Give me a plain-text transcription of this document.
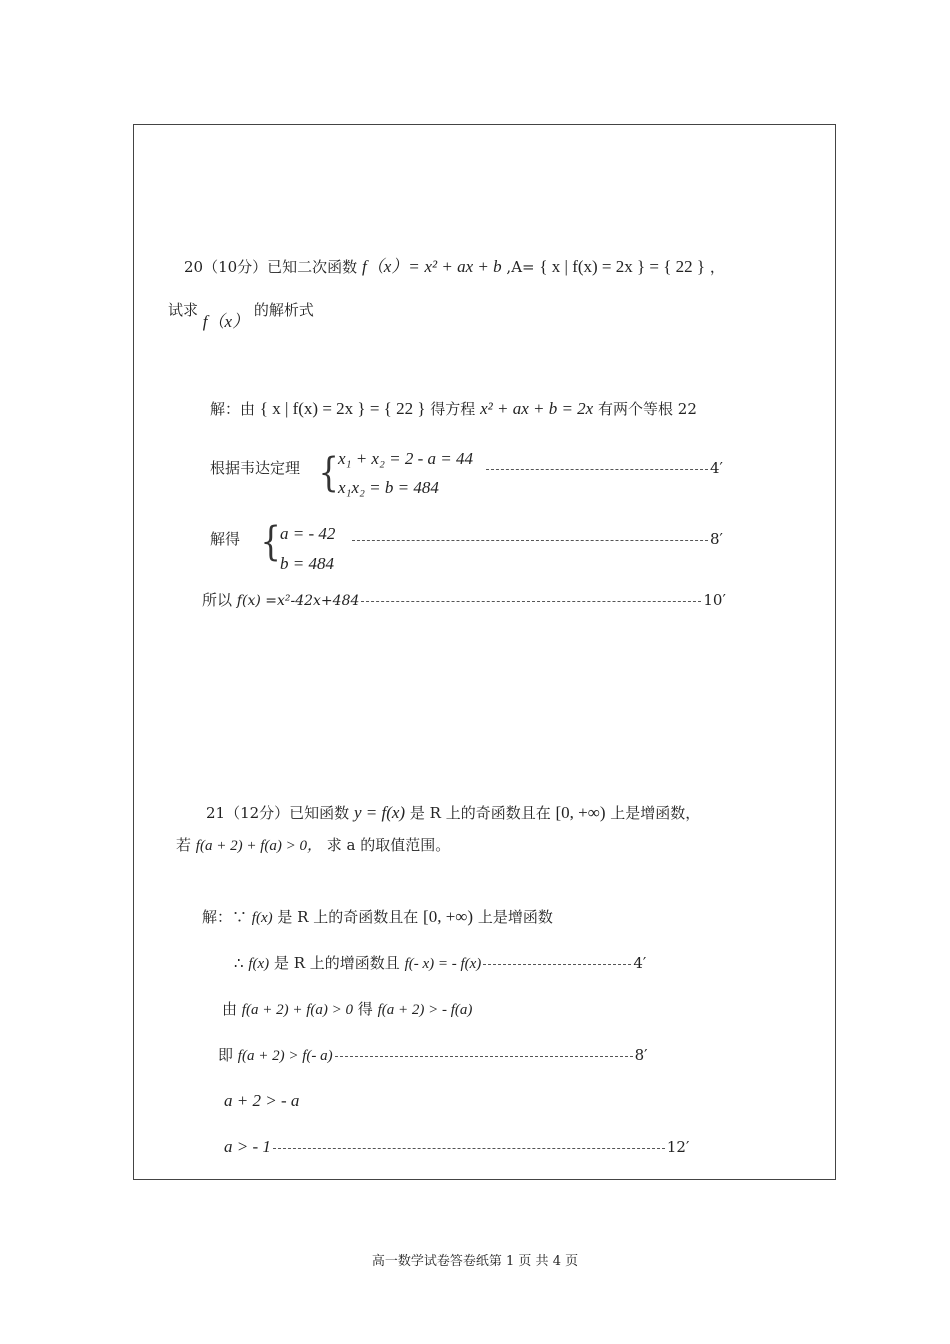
20（10分）已知二次函数 f（x）= x² + ax + b ,A= { x | f(x) = 2x } = { 22 } ，
试求 f（x） 的解析式
解：由 { x | f(x) = 2x } = { 22 } 得方程 x² + ax + b = 2x 有两个等根 22
根据韦达定理 { x₁ + x₂ = 2 - a = 44
x₁x₂ = b = 484
4′
解得 { a = - 42
b = 484
8′
所以 f(x) =x²-42x+484	10′
21（12分）已知函数 y = f(x) 是 R 上的奇函数且在 [0, +∞) 上是增函数，
若 f(a + 2) + f(a) > 0， 求 a 的取值范围。
解：∵ f(x) 是 R 上的奇函数且在 [0, +∞) 上是增函数
∴ f(x) 是 R 上的增函数且 f(- x) = - f(x)	4′
由 f(a + 2) + f(a) > 0 得 f(a + 2) > - f(a)
即 f(a + 2) > f(- a)	8′
a + 2 > - a
a > - 1	12′
高一数学试卷答卷纸第 1 页 共 4 页
